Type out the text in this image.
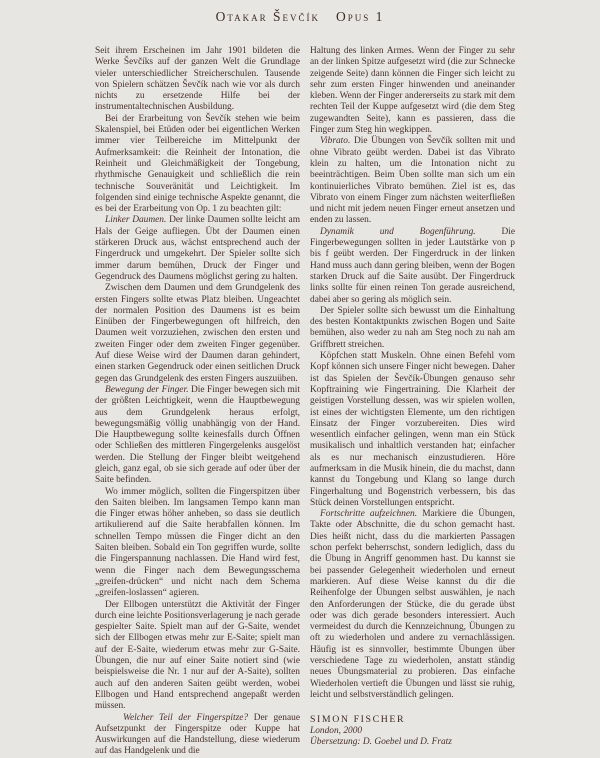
Otakar Ševčík Opus 1

Seit ihrem Erscheinen im Jahr 1901 bildeten die Werke Ševčíks auf der ganzen Welt die Grundlage vieler unterschiedlicher Streicherschulen. Tausende von Spielern schätzen Ševčík nach wie vor als durch nichts zu ersetzende Hilfe bei der instrumentaltechnischen Ausbildung.

Bei der Erarbeitung von Ševčík stehen wie beim Skalenspiel, bei Etüden oder bei eigentlichen Werken immer vier Teilbereiche im Mittelpunkt der Aufmerksamkeit: die Reinheit der Intonation, die Reinheit und Gleichmäßigkeit der Tongebung, rhythmische Genauigkeit und schließlich die rein technische Souveränität und Leichtigkeit. Im folgenden sind einige technische Aspekte genannt, die es bei der Erarbeitung von Op. 1 zu beachten gilt:

Linker Daumen. Der linke Daumen sollte leicht am Hals der Geige aufliegen. Übt der Daumen einen stärkeren Druck aus, wächst entsprechend auch der Fingerdruck und umgekehrt. Der Spieler sollte sich immer darum bemühen, Druck der Finger und Gegendruck des Daumens möglichst gering zu halten.

Zwischen dem Daumen und dem Grundgelenk des ersten Fingers sollte etwas Platz bleiben. Ungeachtet der normalen Position des Daumens ist es beim Einüben der Fingerbewegungen oft hilfreich, den Daumen weit vorzuziehen, zwischen den ersten und zweiten Finger oder dem zweiten Finger gegenüber. Auf diese Weise wird der Daumen daran gehindert, einen starken Gegendruck oder einen seitlichen Druck gegen das Grundgelenk des ersten Fingers auszuüben.

Bewegung der Finger. Die Finger bewegen sich mit der größten Leichtigkeit, wenn die Hauptbewegung aus dem Grundgelenk heraus erfolgt, bewegungsmäßig völlig unabhängig von der Hand. Die Hauptbewegung sollte keinesfalls durch Öffnen oder Schließen des mittleren Fingergelenks ausgelöst werden. Die Stellung der Finger bleibt weitgehend gleich, ganz egal, ob sie sich gerade auf oder über der Saite befinden.

Wo immer möglich, sollten die Fingerspitzen über den Saiten bleiben. Im langsamen Tempo kann man die Finger etwas höher anheben, so dass sie deutlich artikulierend auf die Saite herabfallen können. Im schnellen Tempo müssen die Finger dicht an den Saiten bleiben. Sobald ein Ton gegriffen wurde, sollte die Fingerspannung nachlassen. Die Hand wird fest, wenn die Finger nach dem Bewegungsschema „greifen-drücken“ und nicht nach dem Schema „greifen-loslassen“ agieren.

Der Ellbogen unterstützt die Aktivität der Finger durch eine leichte Positionsverlagerung je nach gerade gespielter Saite. Spielt man auf der G-Saite, wendet sich der Ellbogen etwas mehr zur E-Saite; spielt man auf der E-Saite, wiederum etwas mehr zur G-Saite. Übungen, die nur auf einer Saite notiert sind (wie beispielsweise die Nr. 1 nur auf der A-Saite), sollten auch auf den anderen Saiten geübt werden, wobei Ellbogen und Hand entsprechend angepaßt werden müssen.

Welcher Teil der Fingerspitze? Der genaue Aufsetzpunkt der Fingerspitze oder Kuppe hat Auswirkungen auf die Handstellung, diese wiederum auf das Handgelenk und die

Haltung des linken Armes. Wenn der Finger zu sehr an der linken Spitze aufgesetzt wird (die zur Schnecke zeigende Seite) dann können die Finger sich leicht zu sehr zum ersten Finger hinwenden und aneinander kleben. Wenn der Finger andererseits zu stark mit dem rechten Teil der Kuppe aufgesetzt wird (die dem Steg zugewandten Seite), kann es passieren, dass die Finger zum Steg hin wegkippen.

Vibrato. Die Übungen von Ševčík sollten mit und ohne Vibrato geübt werden. Dabei ist das Vibrato klein zu halten, um die Intonation nicht zu beeinträchtigen. Beim Üben sollte man sich um ein kontinuierliches Vibrato bemühen. Ziel ist es, das Vibrato von einem Finger zum nächsten weiterfließen und nicht mit jedem neuen Finger erneut ansetzen und enden zu lassen.

Dynamik und Bogenführung. Die Fingerbewegungen sollten in jeder Lautstärke von p bis f geübt werden. Der Fingerdruck in der linken Hand muss auch dann gering bleiben, wenn der Bogen starken Druck auf die Saite ausübt. Der Fingerdruck links sollte für einen reinen Ton gerade ausreichend, dabei aber so gering als möglich sein.

Der Spieler sollte sich bewusst um die Einhaltung des besten Kontaktpunkts zwischen Bogen und Saite bemühen, also weder zu nah am Steg noch zu nah am Griffbrett streichen.

Köpfchen statt Muskeln. Ohne einen Befehl vom Kopf können sich unsere Finger nicht bewegen. Daher ist das Spielen der Ševčík-Übungen genauso sehr Kopftraining wie Fingertraining. Die Klarheit der geistigen Vorstellung dessen, was wir spielen wollen, ist eines der wichtigsten Elemente, um den richtigen Einsatz der Finger vorzubereiten. Dies wird wesentlich einfacher gelingen, wenn man ein Stück musikalisch und inhaltlich verstanden hat; einfacher als es nur mechanisch einzustudieren. Höre aufmerksam in die Musik hinein, die du machst, dann kannst du Tongebung und Klang so lange durch Fingerhaltung und Bogenstrich verbessern, bis das Stück deinen Vorstellungen entspricht.

Fortschritte aufzeichnen. Markiere die Übungen, Takte oder Abschnitte, die du schon gemacht hast. Dies heißt nicht, dass du die markierten Passagen schon perfekt beherrschst, sondern lediglich, dass du die Übung in Angriff genommen hast. Du kannst sie bei passender Gelegenheit wiederholen und erneut markieren. Auf diese Weise kannst du dir die Reihenfolge der Übungen selbst auswählen, je nach den Anforderungen der Stücke, die du gerade übst oder was dich gerade besonders interessiert. Auch vermeidest du durch die Kennzeichnung, Übungen zu oft zu wiederholen und andere zu vernachlässigen. Häufig ist es sinnvoller, bestimmte Übungen über verschiedene Tage zu wiederholen, anstatt ständig neues Übungsmaterial zu probieren. Das einfache Wiederholen vertieft die Übungen und lässt sie ruhig, leicht und selbstverständlich gelingen.

SIMON FISCHER
London, 2000
Übersetzung: D. Goebel und D. Fratz
